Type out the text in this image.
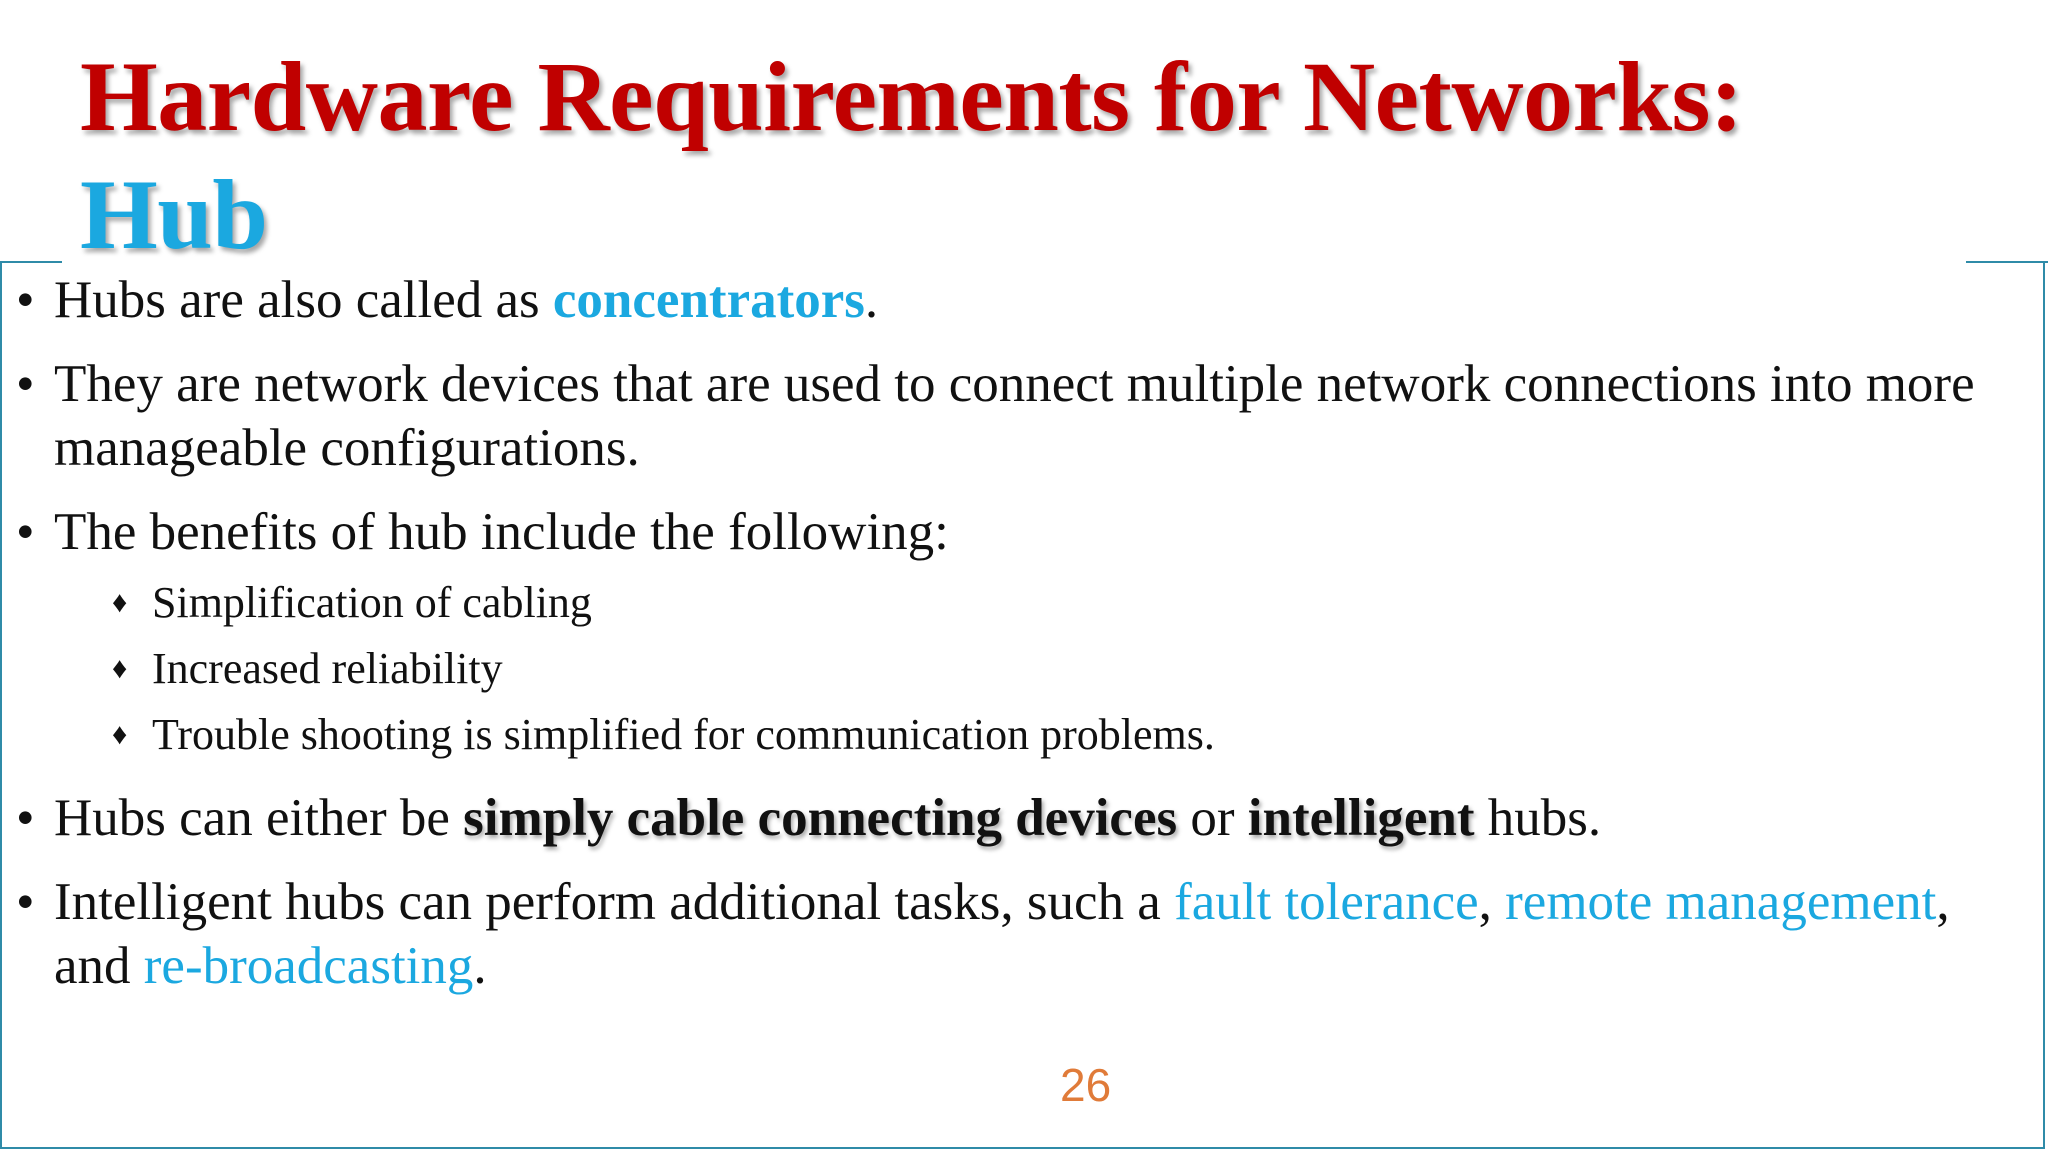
Hardware Requirements for Networks:
Hub
• Hubs are also called as concentrators.
• They are network devices that are used to connect multiple network connections into more manageable configurations.
• The benefits of hub include the following:
♦ Simplification of cabling
♦ Increased reliability
♦ Trouble shooting is simplified for communication problems.
• Hubs can either be simply cable connecting devices or intelligent hubs.
• Intelligent hubs can perform additional tasks, such a fault tolerance, remote management, and re-broadcasting.
26
